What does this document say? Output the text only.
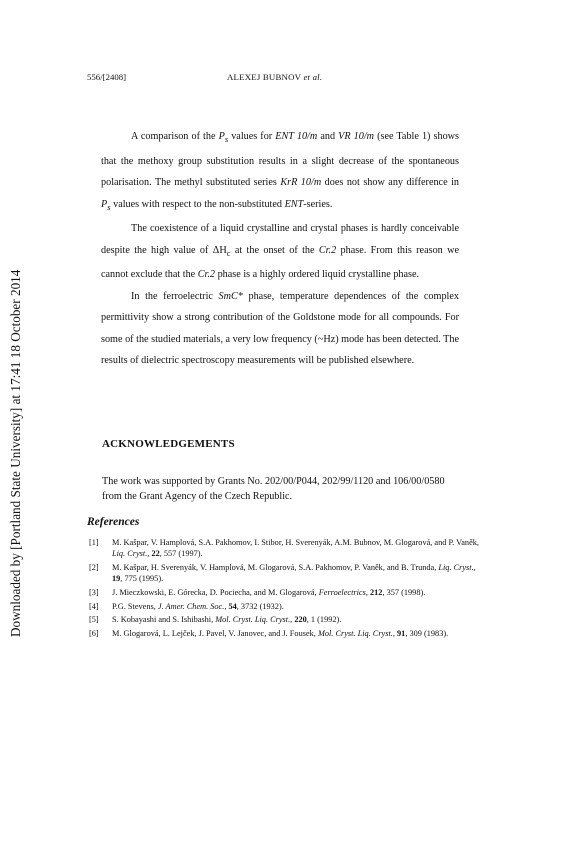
Downloaded by [Portland State University] at 17:41 18 October 2014
556/[2408]	ALEXEJ BUBNOV et al.

A comparison of the $P_s$ values for ENT 10/m and VR 10/m (see Table 1) shows that the methoxy group substitution results in a slight decrease of the spontaneous polarisation. The methyl substituted series KrR 10/m does not show any difference in $P_s$ values with respect to the non-substituted ENT-series.

The coexistence of a liquid crystalline and crystal phases is hardly conceivable despite the high value of $\Delta H_c$ at the onset of the Cr.2 phase. From this reason we cannot exclude that the Cr.2 phase is a highly ordered liquid crystalline phase.

In the ferroelectric SmC* phase, temperature dependences of the complex permittivity show a strong contribution of the Goldstone mode for all compounds. For some of the studied materials, a very low frequency (~Hz) mode has been detected. The results of dielectric spectroscopy measurements will be published elsewhere.

ACKNOWLEDGEMENTS

The work was supported by Grants No. 202/00/P044, 202/99/1120 and 106/00/0580 from the Grant Agency of the Czech Republic.

References
[1] M. Kašpar, V. Hamplová, S.A. Pakhomov, I. Stibor, H. Sverenyák, A.M. Bubnov, M. Glogarová, and P. Vaněk, Liq. Cryst., 22, 557 (1997).
[2] M. Kašpar, H. Sverenyák, V. Hamplová, M. Glogarová, S.A. Pakhomov, P. Vaněk, and B. Trunda, Liq. Cryst., 19, 775 (1995).
[3] J. Mieczkowski, E. Górecka, D. Pociecha, and M. Glogarová, Ferroelectrics, 212, 357 (1998).
[4] P.G. Stevens, J. Amer. Chem. Soc., 54, 3732 (1932).
[5] S. Kobayashi and S. Ishibashi, Mol. Cryst. Liq. Cryst., 220, 1 (1992).
[6] M. Glogarová, L. Lejček, J. Pavel, V. Janovec, and J. Fousek, Mol. Cryst. Liq. Cryst., 91, 309 (1983).
